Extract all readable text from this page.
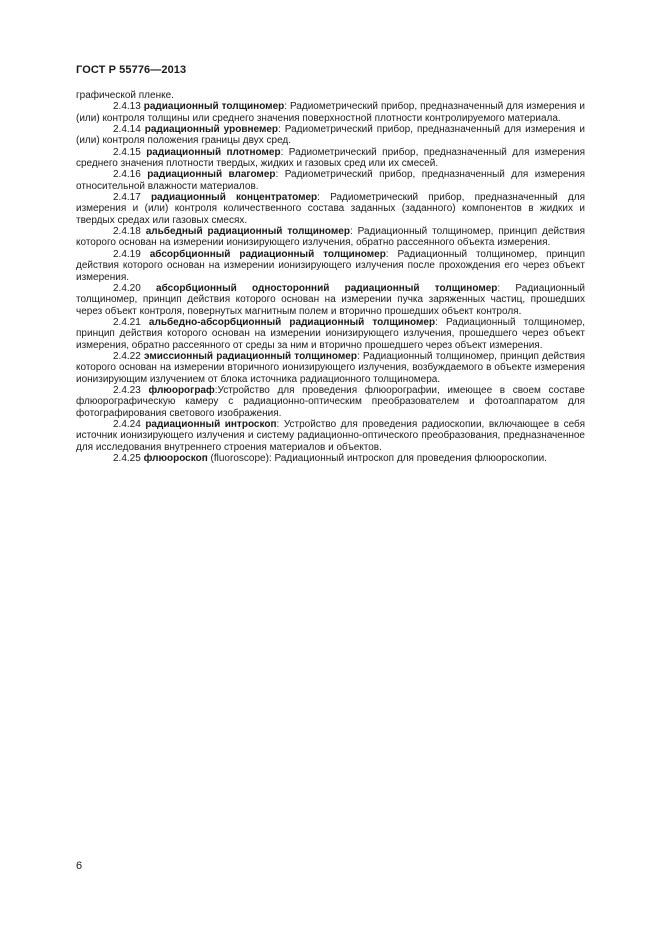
ГОСТ Р 55776—2013

графической пленке.

2.4.13 радиационный толщиномер: Радиометрический прибор, предназначенный для измерения и (или) контроля толщины или среднего значения поверхностной плотности контролируемого материала.

2.4.14 радиационный уровнемер: Радиометрический прибор, предназначенный для измерения и (или) контроля положения границы двух сред.

2.4.15 радиационный плотномер: Радиометрический прибор, предназначенный для измерения среднего значения плотности твердых, жидких и газовых сред или их смесей.

2.4.16 радиационный влагомер: Радиометрический прибор, предназначенный для измерения относительной влажности материалов.

2.4.17 радиационный концентратомер: Радиометрический прибор, предназначенный для измерения и (или) контроля количественного состава заданных (заданного) компонентов в жидких и твердых средах или газовых смесях.

2.4.18 альбедный радиационный толщиномер: Радиационный толщиномер, принцип действия которого основан на измерении ионизирующего излучения, обратно рассеянного объекта измерения.

2.4.19 абсорбционный радиационный толщиномер: Радиационный толщиномер, принцип действия которого основан на измерении ионизирующего излучения после прохождения его через объект измерения.

2.4.20 абсорбционный односторонний радиационный толщиномер: Радиационный толщиномер, принцип действия которого основан на измерении пучка заряженных частиц, прошедших через объект контроля, повернутых магнитным полем и вторично прошедших объект контроля.

2.4.21 альбедно-абсорбционный радиационный толщиномер: Радиационный толщиномер, принцип действия которого основан на измерении ионизирующего излучения, прошедшего через объект измерения, обратно рассеянного от среды за ним и вторично прошедшего через объект измерения.

2.4.22 эмиссионный радиационный толщиномер: Радиационный толщиномер, принцип действия которого основан на измерении вторичного ионизирующего излучения, возбуждаемого в объекте измерения ионизирующим излучением от блока источника радиационного толщиномера.

2.4.23 флюорограф:Устройство для проведения флюорографии, имеющее в своем составе флюорографическую камеру с радиационно-оптическим преобразователем и фотоаппаратом для фотографирования светового изображения.

2.4.24 радиационный интроскоп: Устройство для проведения радиоскопии, включающее в себя источник ионизирующего излучения и систему радиационно-оптического преобразования, предназначенное для исследования внутреннего строения материалов и объектов.

2.4.25 флюороскоп (fluoroscope): Радиационный интроскоп для проведения флюороскопии.

6
